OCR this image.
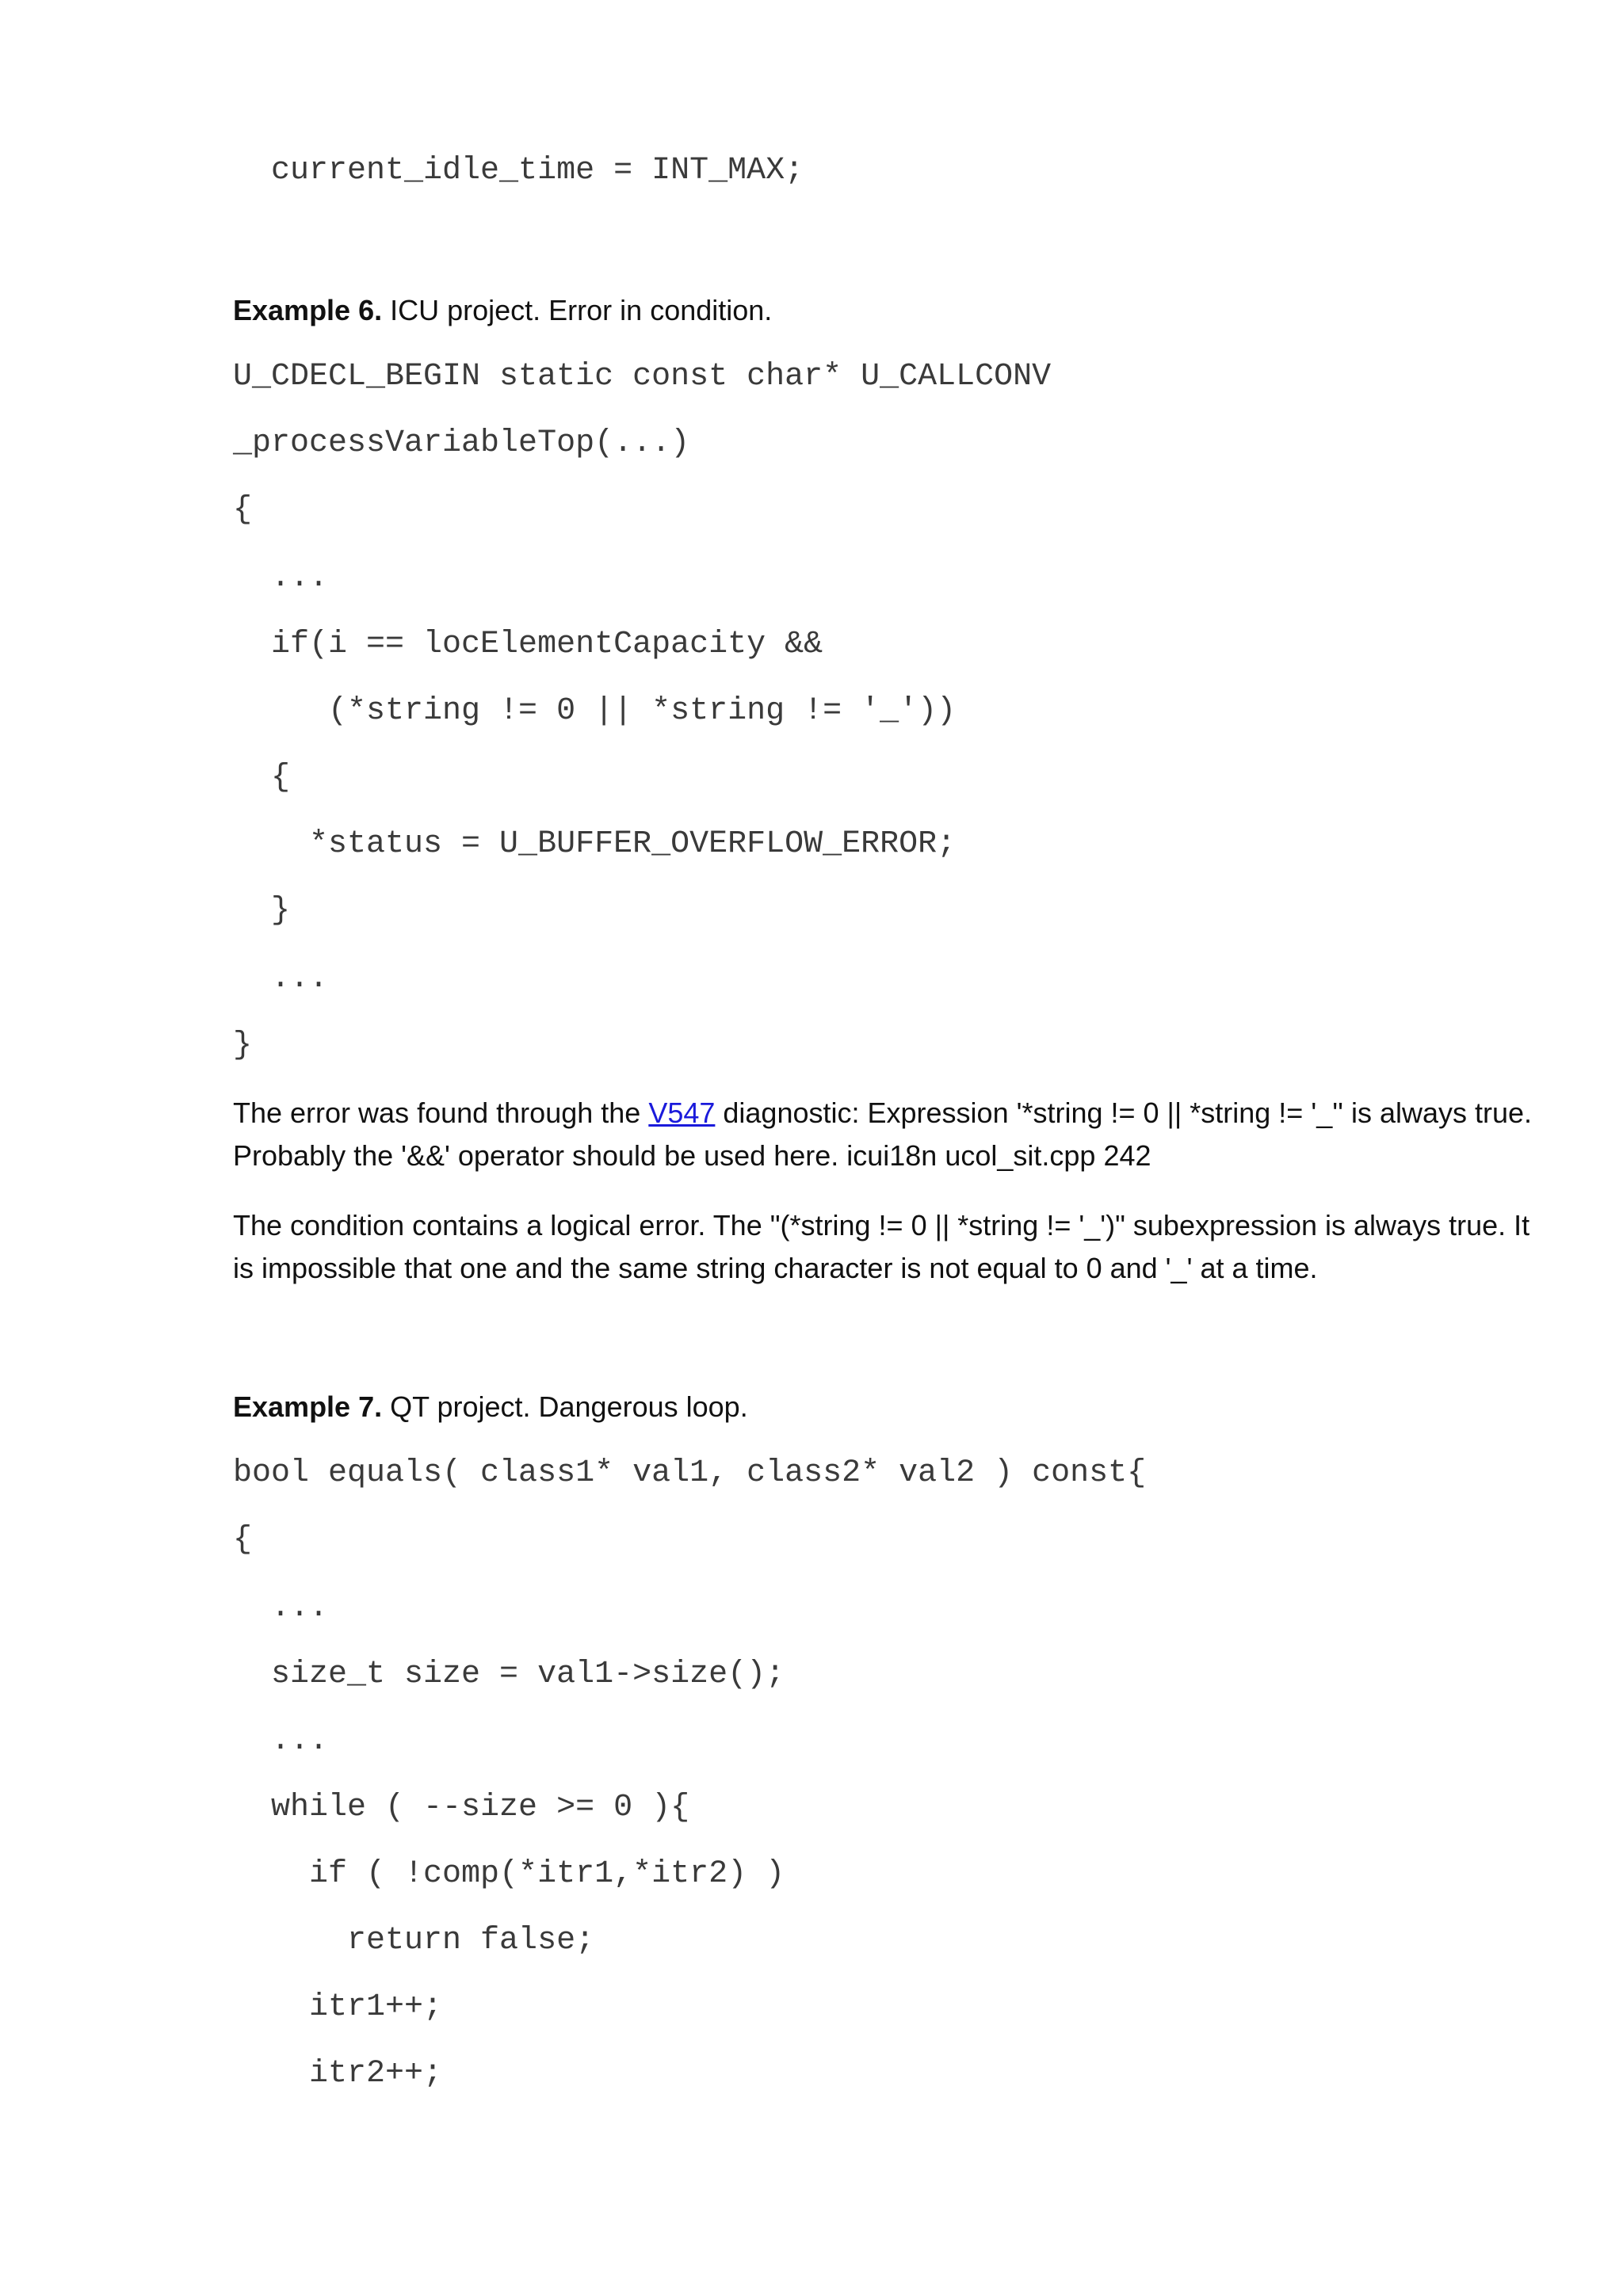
current_idle_time = INT_MAX;

Example 6. ICU project. Error in condition.

U_CDECL_BEGIN static const char* U_CALLCONV
_processVariableTop(...)
{
...
if(i == locElementCapacity &&
(*string != 0 || *string != '_'))
{
*status = U_BUFFER_OVERFLOW_ERROR;
}
...
}

The error was found through the V547 diagnostic: Expression '*string != 0 || *string != '_'' is always true. Probably the '&&' operator should be used here. icui18n ucol_sit.cpp 242

The condition contains a logical error. The "(*string != 0 || *string != '_')" subexpression is always true. It is impossible that one and the same string character is not equal to 0 and '_' at a time.

Example 7. QT project. Dangerous loop.

bool equals( class1* val1, class2* val2 ) const{
{
...
size_t size = val1->size();
...
while ( --size >= 0 ){
if ( !comp(*itr1,*itr2) )
return false;
itr1++;
itr2++;
